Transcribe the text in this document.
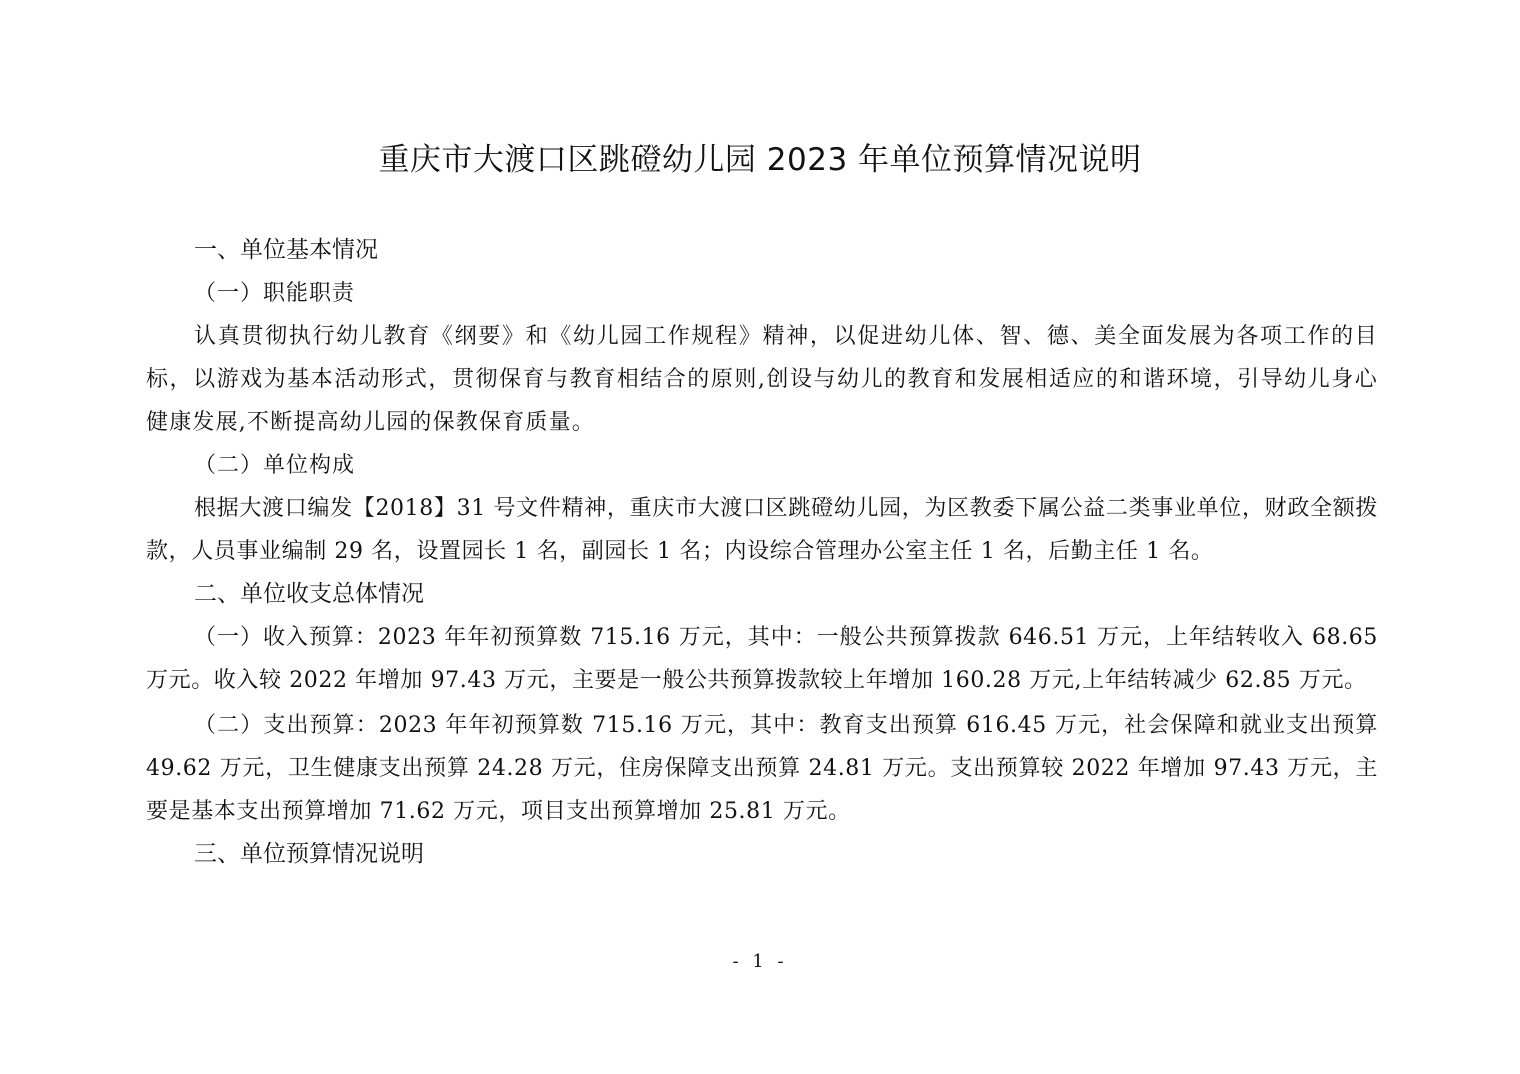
重庆市大渡口区跳磴幼儿园 2023 年单位预算情况说明
一、单位基本情况
（一）职能职责

认真贯彻执行幼儿教育《纲要》和《幼儿园工作规程》精神，以促进幼儿体、智、德、美全面发展为各项工作的目标，以游戏为基本活动形式，贯彻保育与教育相结合的原则,创设与幼儿的教育和发展相适应的和谐环境，引导幼儿身心健康发展,不断提高幼儿园的保教保育质量。

（二）单位构成

根据大渡口编发【2018】31 号文件精神，重庆市大渡口区跳磴幼儿园，为区教委下属公益二类事业单位，财政全额拨款，人员事业编制 29 名，设置园长 1 名，副园长 1 名；内设综合管理办公室主任 1 名，后勤主任 1 名。

二、单位收支总体情况

（一）收入预算：2023 年年初预算数 715.16 万元，其中：一般公共预算拨款 646.51 万元，上年结转收入 68.65 万元。收入较 2022 年增加 97.43 万元，主要是一般公共预算拨款较上年增加 160.28 万元,上年结转减少 62.85 万元。

（二）支出预算：2023 年年初预算数 715.16 万元，其中：教育支出预算 616.45 万元，社会保障和就业支出预算 49.62 万元，卫生健康支出预算 24.28 万元，住房保障支出预算 24.81 万元。支出预算较 2022 年增加 97.43 万元，主要是基本支出预算增加 71.62 万元，项目支出预算增加 25.81 万元。

三、单位预算情况说明
- 1 -
